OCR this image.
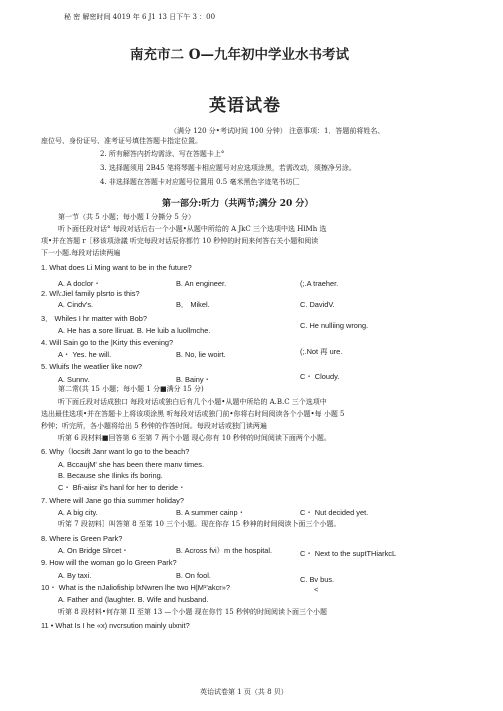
秘 密 解密时间 4019 年 6 J1 13 日下午 3 ：00
南充市二 O—九年初中学业水书考试
英语试卷
（满分 120 分•考试时间 100 分钟） 注意事项：1．答题前将姓名、
座位号、身份证号、准考证号填佳答题卡指定位置。
2. 所有解答内折均需涂、写在答题卡上°
3. 选择题须用 2B45 笔将琴题卡相应题号对应选项涂黑，若需改动，须擦净另涂。
4. 非选择题在答题卡对应题号位置用 0.5 毫米黑色字迹笔书坊匚
第一部分:听力（共两节;满分 20 分）
第一节（共 5 小题；每小题 I 分撕分 5 分）
听卜面任段对话° 每段对话后右一个小题•从题中所给的 A JkC 三个选项中选 HlMh 选
项•并在答题 r［移该项涂議 听完每段对话辰你都竹 10 秒钟的时间来何答右关小题和阅读
下一小题.每段对话读两遍
1. What does Li Ming want to be in the future?
A. A doclor・	B. An engineer.	(;.A traeher.
2. Wl\:Jiel family plsrto is this?
A. Cindv's.	B． Mikel.	C. DavidV.
3． Whiles I hr matter with Bob?
A. He has a sore lliruat. B. He luib a luollmche.
C. He nulliing wrong.
4. Will Sain go to the |Kirty this evening?
A・ Yes. he will.	B. No, lie woirt.	(;.Not 再 ure.
5. Wluifs Ihe weatlier like now?
A. Sunnv.	B. Bainy・	C・ Cloudy.
第二常(共 15 小題；每小题 1 分■满分 15 分)
听下面丘段对话成独口 每段对话或独白后有几个小题•从题中所给的 A.B.C 三个选项中
选出最佳选项•并在答题卡上将该项涂黑 听每段对话或独门前•你将右时间阅读各个小题•每 小题 5
秒钟；听完所，各小題将给出 5 秒钟的作答时间。每段对话或独门读两遍
听第 6 段材料■回答第 6 至第 7 两个小题 现心你有 10 秒钟的时间阅读下面两个小题。
6. Why（locsift Janr want lo go to the beach?
A. BccaujM' she has been there manv times.
B. Because she Ilinks ifs boring.
C・ Bfi-aiisr il's hanl for her to deride・
7. Where will Jane go thia summer holiday?
A. A big city.	B. A summer cainp・	C・ Nut decided yet.
听笫 7 段初料］叫答第 8 至笫 10 三个小题。现在你存 15 秒神的时间阅读卜面三个小题。
8. Where is Green Park?
A. On Bridge Slrcet・	B. Across fvi）m the hospital.	C・ Next to the suptTHiarkcL
9. How will the woman go lo Green Park?
A. By taxi.	B. On fool.	C. Bv bus.
10・ What is the nJaliofiship lxNwren lhe two H|M¹'akcr»?
A. Father and (laughter. B. Wife and husband.
<
听第 8 段材料•何存第 II 至第 13 —个小题 现在你竹 15 秒钟的时间阅读卜面三个小题
11 • What Is I he «x) nvcrsution mainly ulxnit?
英诒试卷第 1 页（共 8 贝）
